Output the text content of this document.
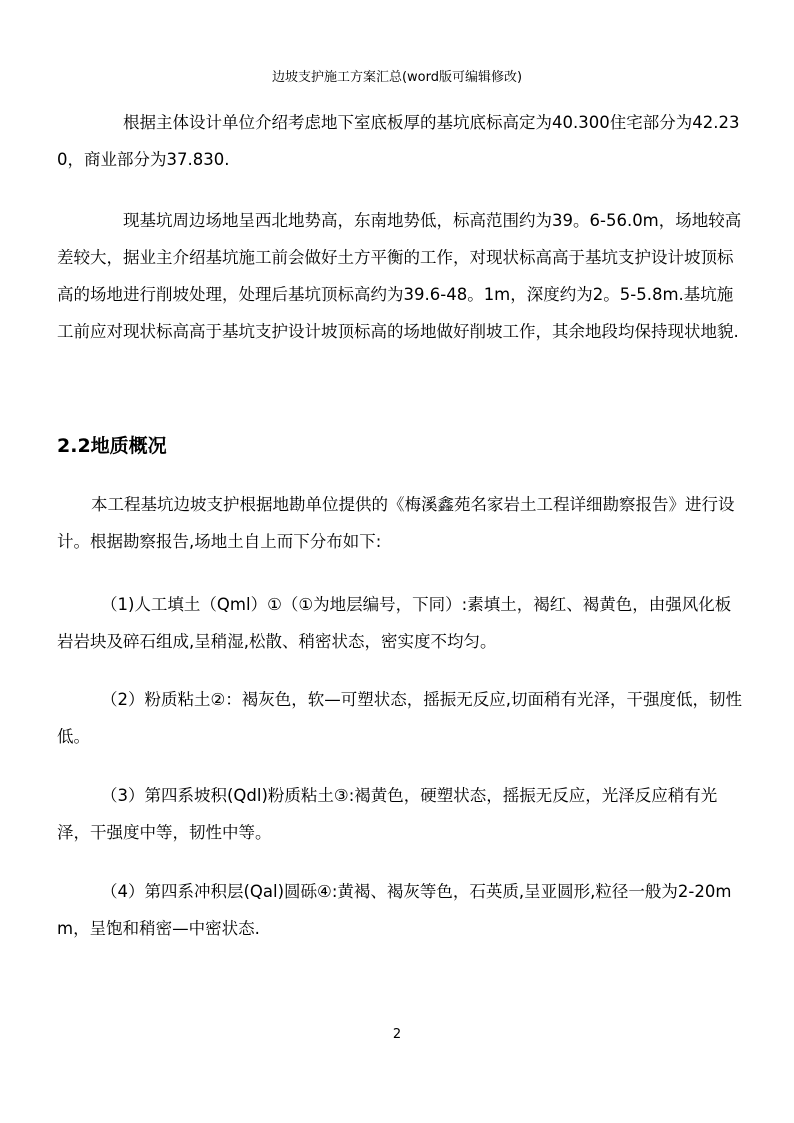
边坡支护施工方案汇总(word版可编辑修改)

根据主体设计单位介绍考虑地下室底板厚的基坑底标高定为40.300住宅部分为42.230，商业部分为37.830.

现基坑周边场地呈西北地势高，东南地势低，标高范围约为39。6-56.0m，场地较高差较大，据业主介绍基坑施工前会做好土方平衡的工作，对现状标高高于基坑支护设计坡顶标高的场地进行削坡处理，处理后基坑顶标高约为39.6-48。1m，深度约为2。5-5.8m.基坑施工前应对现状标高高于基坑支护设计坡顶标高的场地做好削坡工作，其余地段均保持现状地貌.

2.2地质概况

本工程基坑边坡支护根据地勘单位提供的《梅溪鑫苑名家岩土工程详细勘察报告》进行设计。根据勘察报告,场地土自上而下分布如下:

（1)人工填土（Qml）①（①为地层编号，下同）:素填土，褐红、褐黄色，由强风化板岩岩块及碎石组成,呈稍湿,松散、稍密状态，密实度不均匀。

（2）粉质粘土②：褐灰色，软—可塑状态，摇振无反应,切面稍有光泽，干强度低，韧性低。

（3）第四系坡积(Qdl)粉质粘土③:褐黄色，硬塑状态，摇振无反应，光泽反应稍有光泽，干强度中等，韧性中等。

（4）第四系冲积层(Qal)圆砾④:黄褐、褐灰等色，石英质,呈亚圆形,粒径一般为2-20mm，呈饱和稍密—中密状态.

2
